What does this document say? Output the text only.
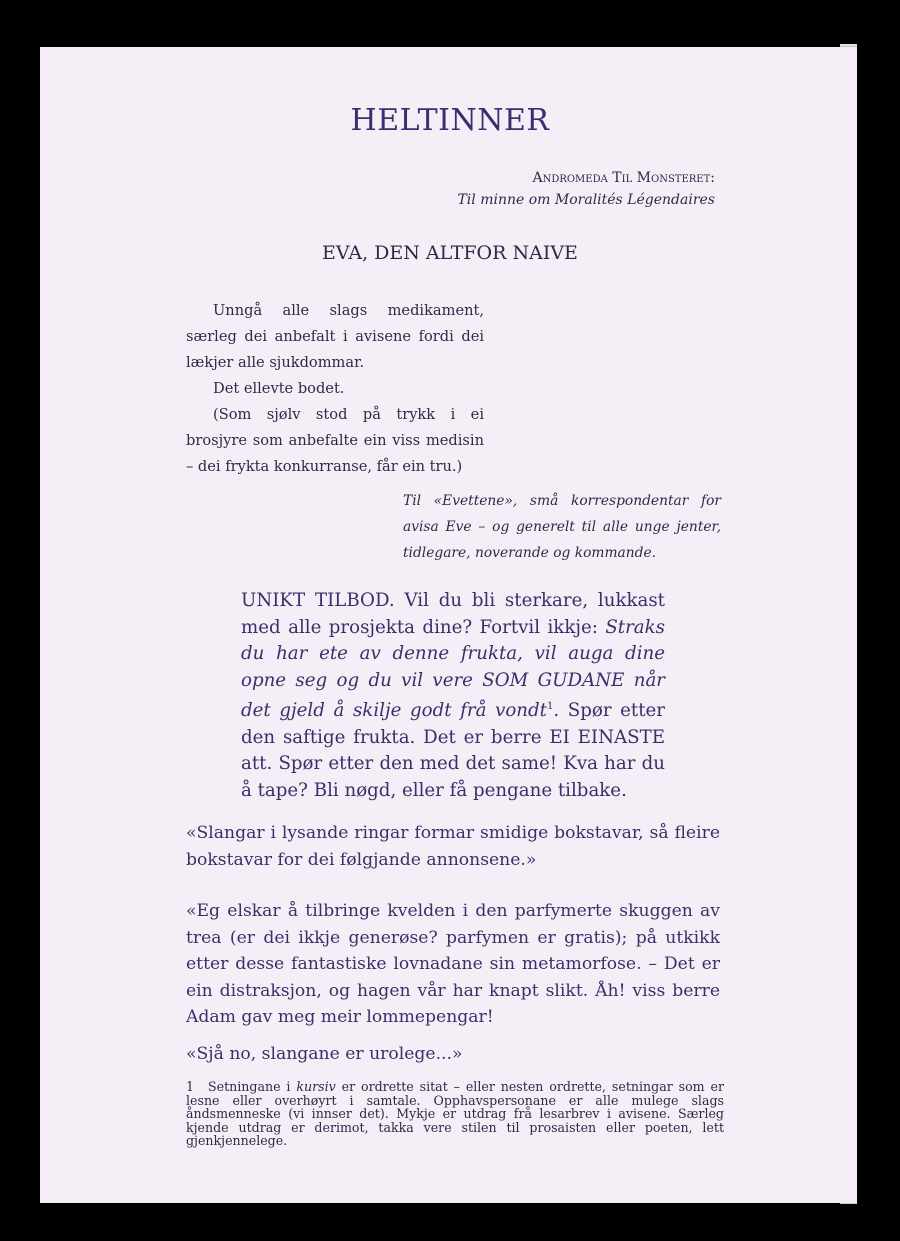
HELTINNER
Andromeda Til Monsteret:
Til minne om Moralités Légendaires
EVA, DEN ALTFOR NAIVE

Unngå alle slags medikament, særleg dei anbefalt i avisene fordi dei lækjer alle sjukdommar.

Det ellevte bodet.

(Som sjølv stod på trykk i ei brosjyre som anbefalte ein viss medisin – dei frykta konkurranse, får ein tru.)

Til «Evettene», små korrespondentar for avisa Eve – og generelt til alle unge jenter, tidlegare, noverande og kommande.

UNIKT TILBOD. Vil du bli sterkare, lukkast med alle prosjekta dine? Fortvil ikkje: Straks du har ete av denne frukta, vil auga dine opne seg og du vil vere SOM GUDANE når det gjeld å skilje godt frå vondt$^1$. Spør etter den saftige frukta. Det er berre EI EINASTE att. Spør etter den med det same! Kva har du å tape? Bli nøgd, eller få pengane tilbake.

«Slangar i lysande ringar formar smidige bokstavar, så fleire bokstavar for dei følgjande annonsene.»

«Eg elskar å tilbringe kvelden i den parfymerte skuggen av trea (er dei ikkje generøse? parfymen er gratis); på utkikk etter desse fantastiske lovnadane sin metamorfose. – Det er ein distraksjon, og hagen vår har knapt slikt. Åh! viss berre Adam gav meg meir lommepengar!

«Sjå no, slangane er urolege...»

1 Setningane i kursiv er ordrette sitat – eller nesten ordrette, setningar som er lesne eller overhøyrt i samtale. Opphavspersonane er alle mulege slags åndsmenneske (vi innser det). Mykje er utdrag frå lesarbrev i avisene. Særleg kjende utdrag er derimot, takka vere stilen til prosaisten eller poeten, lett gjenkjennelege.
